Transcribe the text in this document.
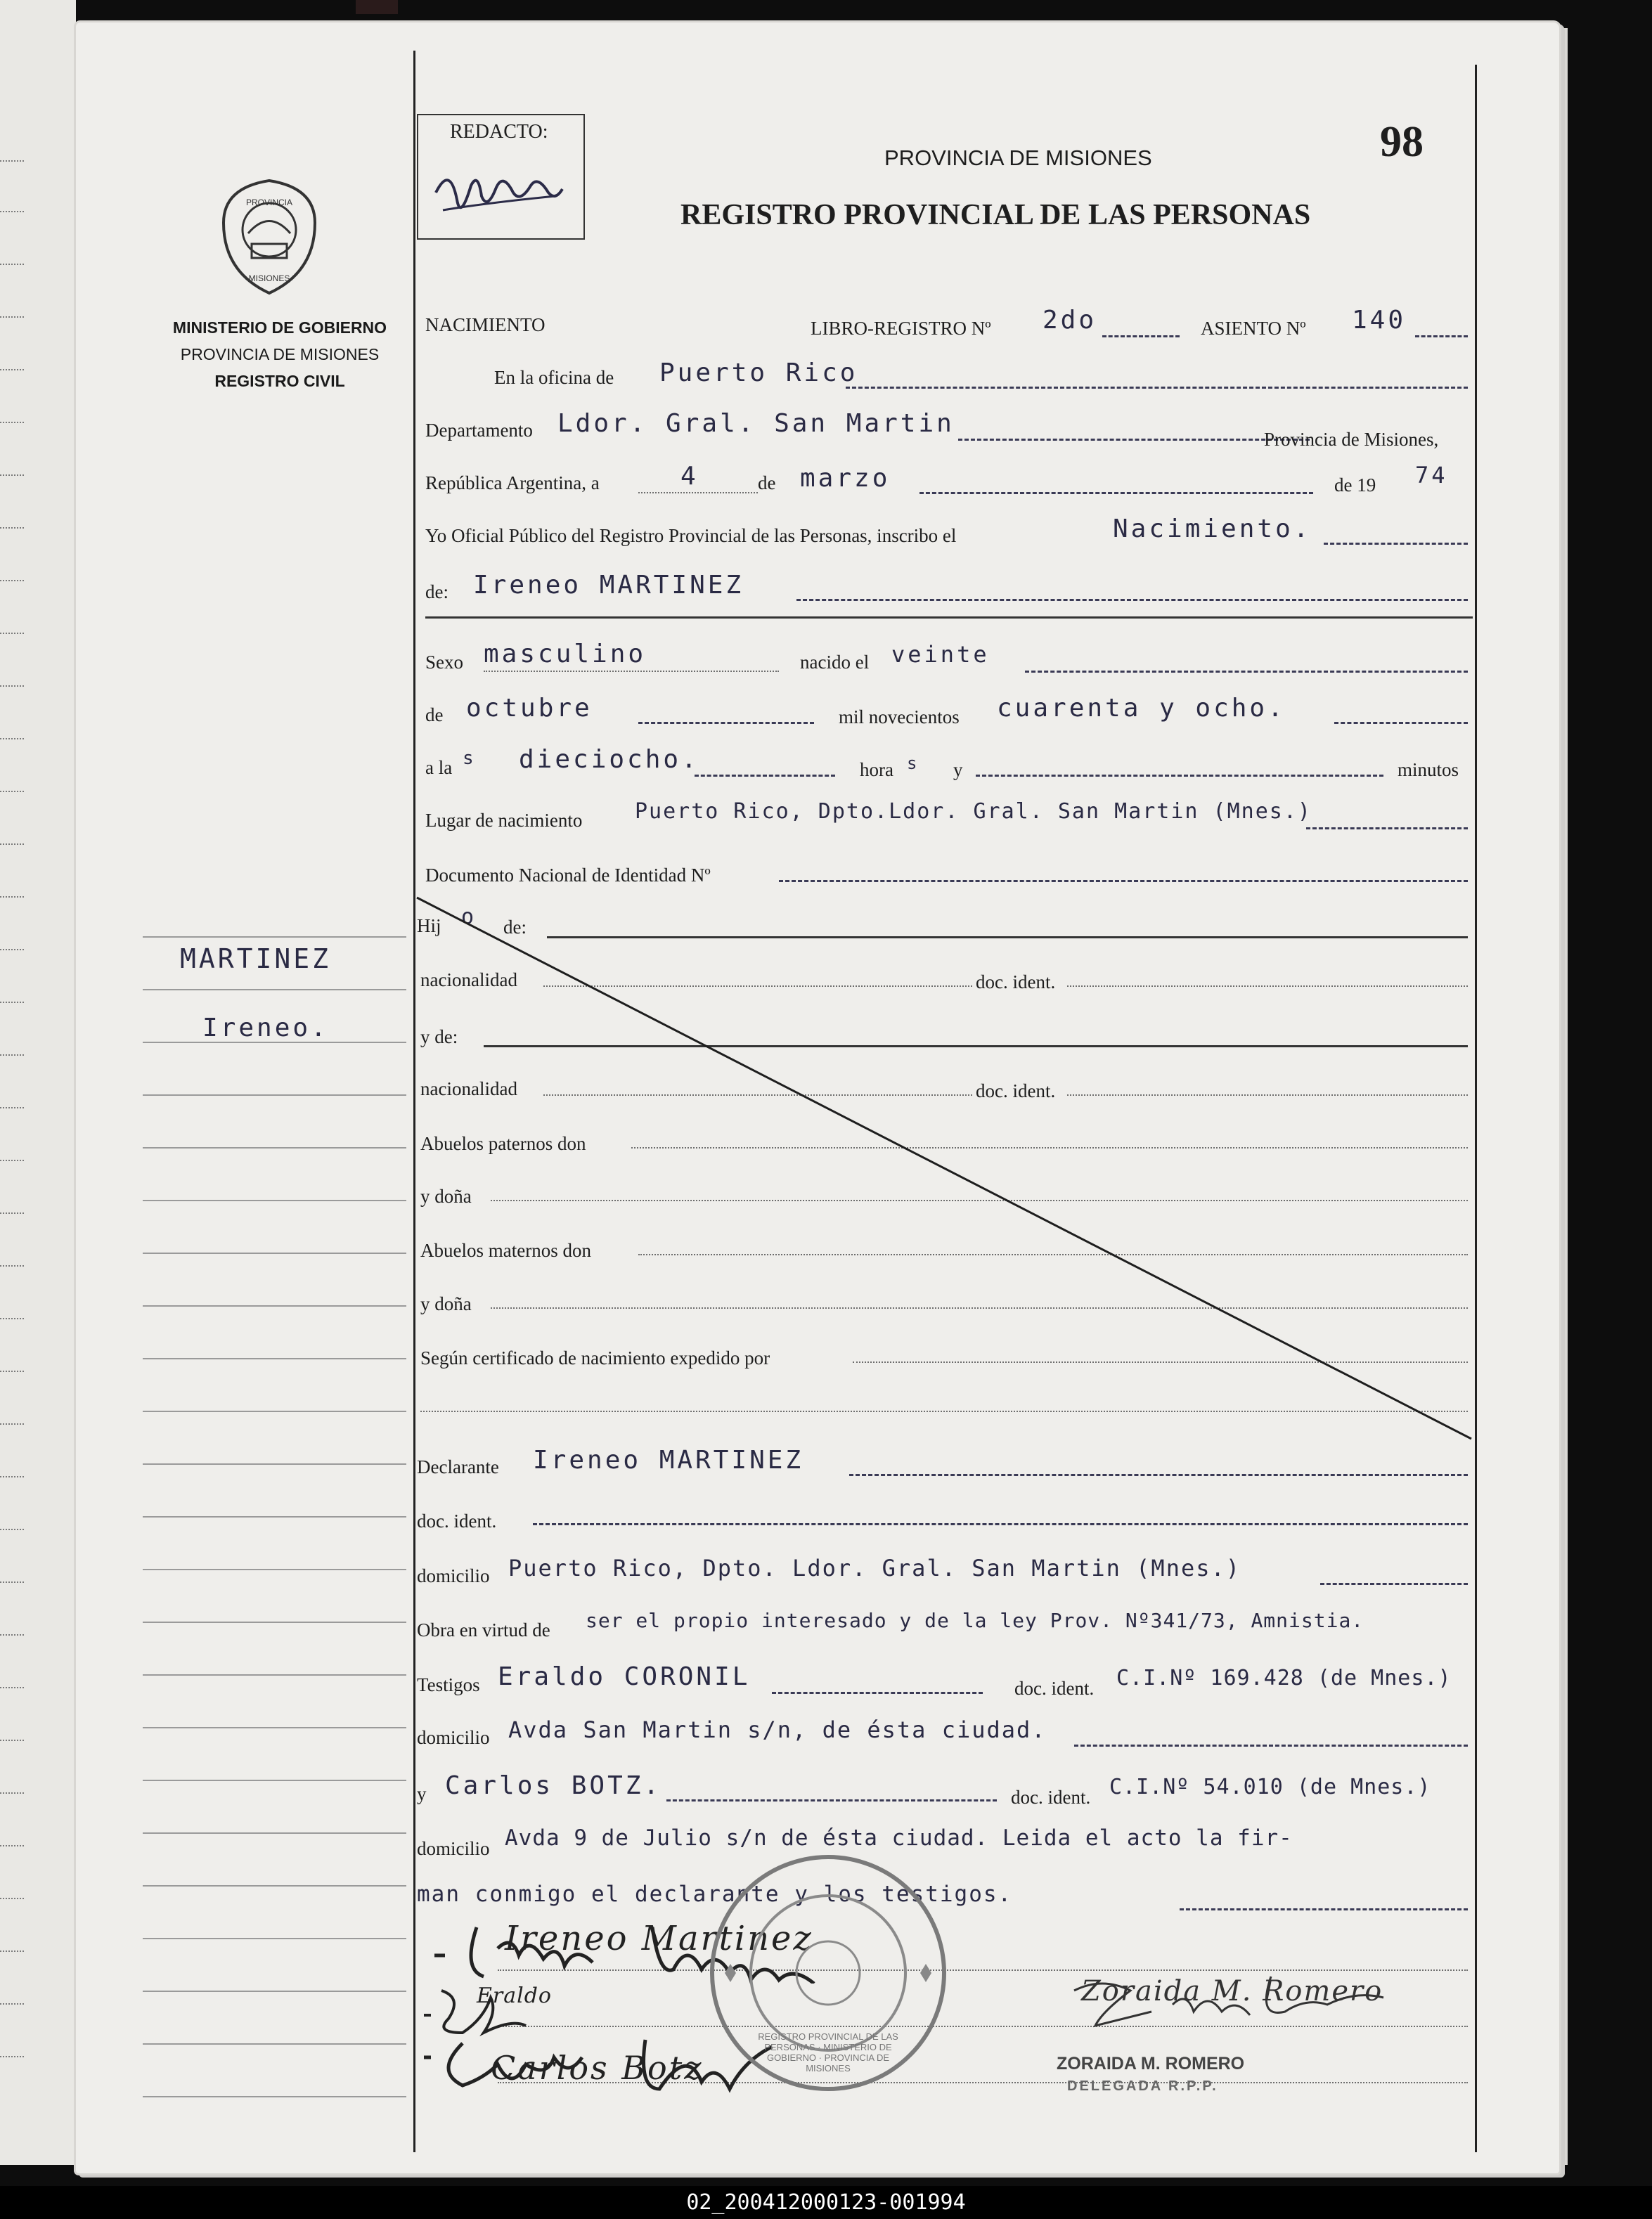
REDACTO:
PROVINCIA DE MISIONES
REGISTRO PROVINCIAL DE LAS PERSONAS
98
PROVINCIA
MISIONES
MINISTERIO DE GOBIERNO
PROVINCIA DE MISIONES
REGISTRO CIVIL
MARTINEZ
Ireneo.
NACIMIENTO	LIBRO-REGISTRO Nº 2do	ASIENTO Nº 140
En la oficina de Puerto Rico
Departamento Ldor. Gral. San Martin
Provincia de Misiones,
República Argentina, a	4	de marzo	de 19 74
Yo Oficial Público del Registro Provincial de las Personas, inscribo el	Nacimiento.
de: Ireneo MARTINEZ
Sexo masculino	nacido el veinte
de octubre	mil novecientos cuarenta y ocho.
a la s dieciocho.	hora s y	minutos
Lugar de nacimiento Puerto Rico, Dpto.Ldor. Gral. San Martin (Mnes.)
Documento Nacional de Identidad Nº
Hij o de:
nacionalidad	doc. ident.
y de:
nacionalidad	doc. ident.
Abuelos paternos don
y doña
Abuelos maternos don
y doña
Según certificado de nacimiento expedido por
Declarante Ireneo MARTINEZ
doc. ident.
domicilio Puerto Rico, Dpto. Ldor. Gral. San Martin (Mnes.)
Obra en virtud de ser el propio interesado y de la ley Prov. Nº341/73, Amnistia.
Testigos Eraldo CORONIL	doc. ident. C.I.Nº 169.428 (de Mnes.)
domicilio Avda San Martin s/n, de ésta ciudad.
y Carlos BOTZ.	doc. ident. C.I.Nº 54.010 (de Mnes.)
domicilio Avda 9 de Julio s/n de ésta ciudad. Leida el acto la fir-
man conmigo el declarante y los testigos.
Ireneo Martinez
Eraldo
Carlos Botz
REGISTRO PROVINCIAL DE LAS PERSONAS · MINISTERIO DE GOBIERNO · PROVINCIA DE MISIONES
Zoraida M. Romero
ZORAIDA M. ROMERO
DELEGADA R.P.P.
02_200412000123-001994
